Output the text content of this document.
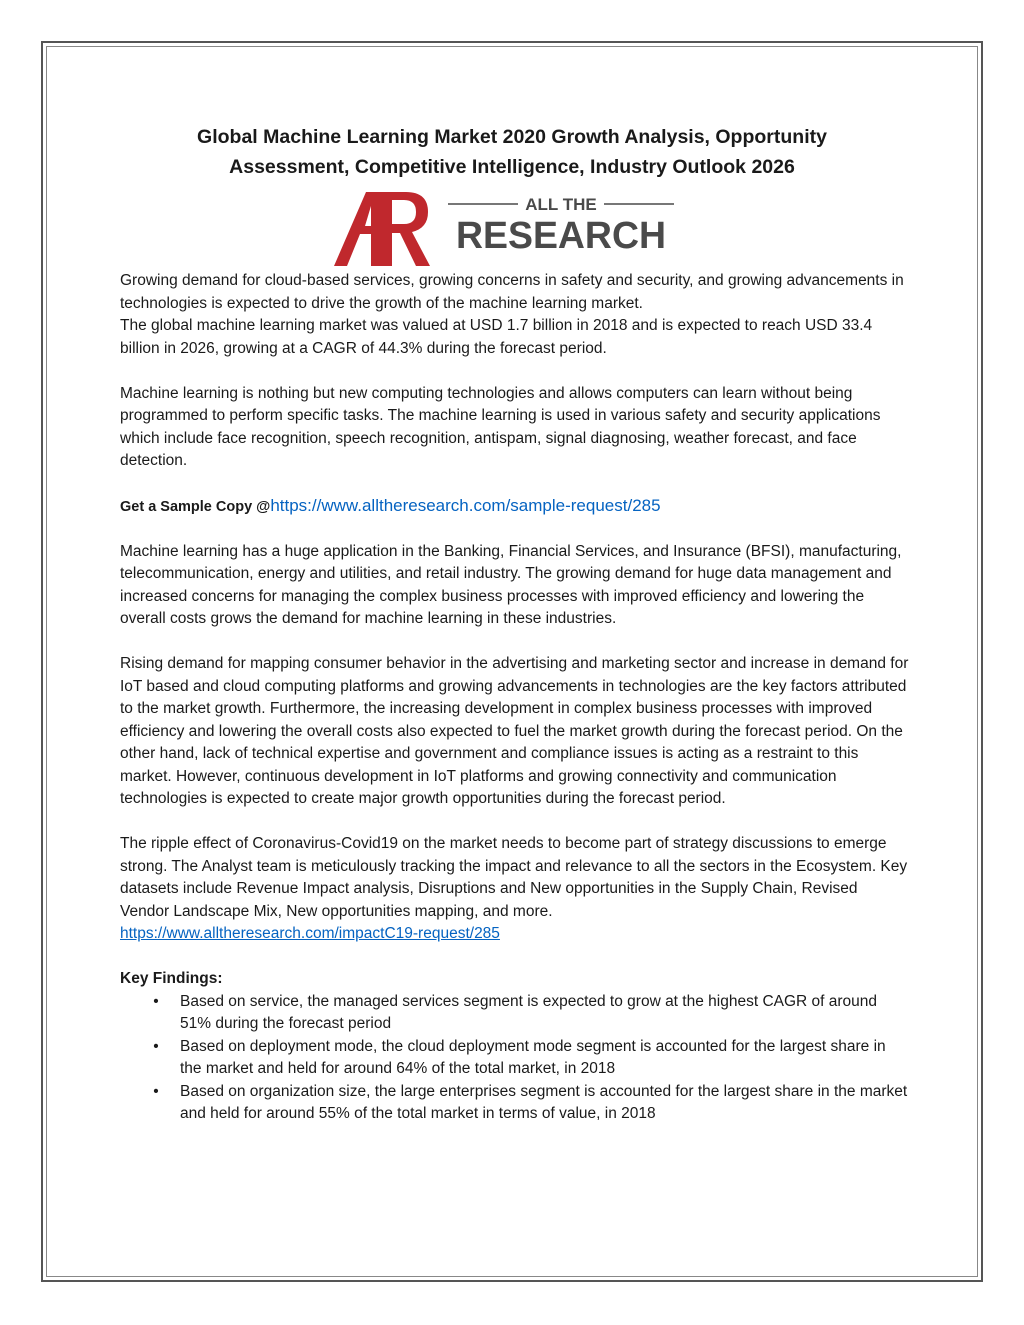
Global Machine Learning Market 2020 Growth Analysis, Opportunity
Assessment, Competitive Intelligence, Industry Outlook 2026
ALL THE
RESEARCH

Growing demand for cloud-based services, growing concerns in safety and security, and growing advancements in technologies is expected to drive the growth of the machine learning market.
The global machine learning market was valued at USD 1.7 billion in 2018 and is expected to reach USD 33.4 billion in 2026, growing at a CAGR of 44.3% during the forecast period.

Machine learning is nothing but new computing technologies and allows computers can learn without being programmed to perform specific tasks. The machine learning is used in various safety and security applications which include face recognition, speech recognition, antispam, signal diagnosing, weather forecast, and face detection.

Get a Sample Copy @https://www.alltheresearch.com/sample-request/285

Machine learning has a huge application in the Banking, Financial Services, and Insurance (BFSI), manufacturing, telecommunication, energy and utilities, and retail industry. The growing demand for huge data management and increased concerns for managing the complex business processes with improved efficiency and lowering the overall costs grows the demand for machine learning in these industries.

Rising demand for mapping consumer behavior in the advertising and marketing sector and increase in demand for IoT based and cloud computing platforms and growing advancements in technologies are the key factors attributed to the market growth. Furthermore, the increasing development in complex business processes with improved efficiency and lowering the overall costs also expected to fuel the market growth during the forecast period. On the other hand, lack of technical expertise and government and compliance issues is acting as a restraint to this market. However, continuous development in IoT platforms and growing connectivity and communication technologies is expected to create major growth opportunities during the forecast period.

The ripple effect of Coronavirus-Covid19 on the market needs to become part of strategy discussions to emerge strong. The Analyst team is meticulously tracking the impact and relevance to all the sectors in the Ecosystem. Key datasets include Revenue Impact analysis, Disruptions and New opportunities in the Supply Chain, Revised Vendor Landscape Mix, New opportunities mapping, and more.
https://www.alltheresearch.com/impactC19-request/285

Key Findings:

• Based on service, the managed services segment is expected to grow at the highest CAGR of around 51% during the forecast period
• Based on deployment mode, the cloud deployment mode segment is accounted for the largest share in the market and held for around 64% of the total market, in 2018
• Based on organization size, the large enterprises segment is accounted for the largest share in the market and held for around 55% of the total market in terms of value, in 2018
